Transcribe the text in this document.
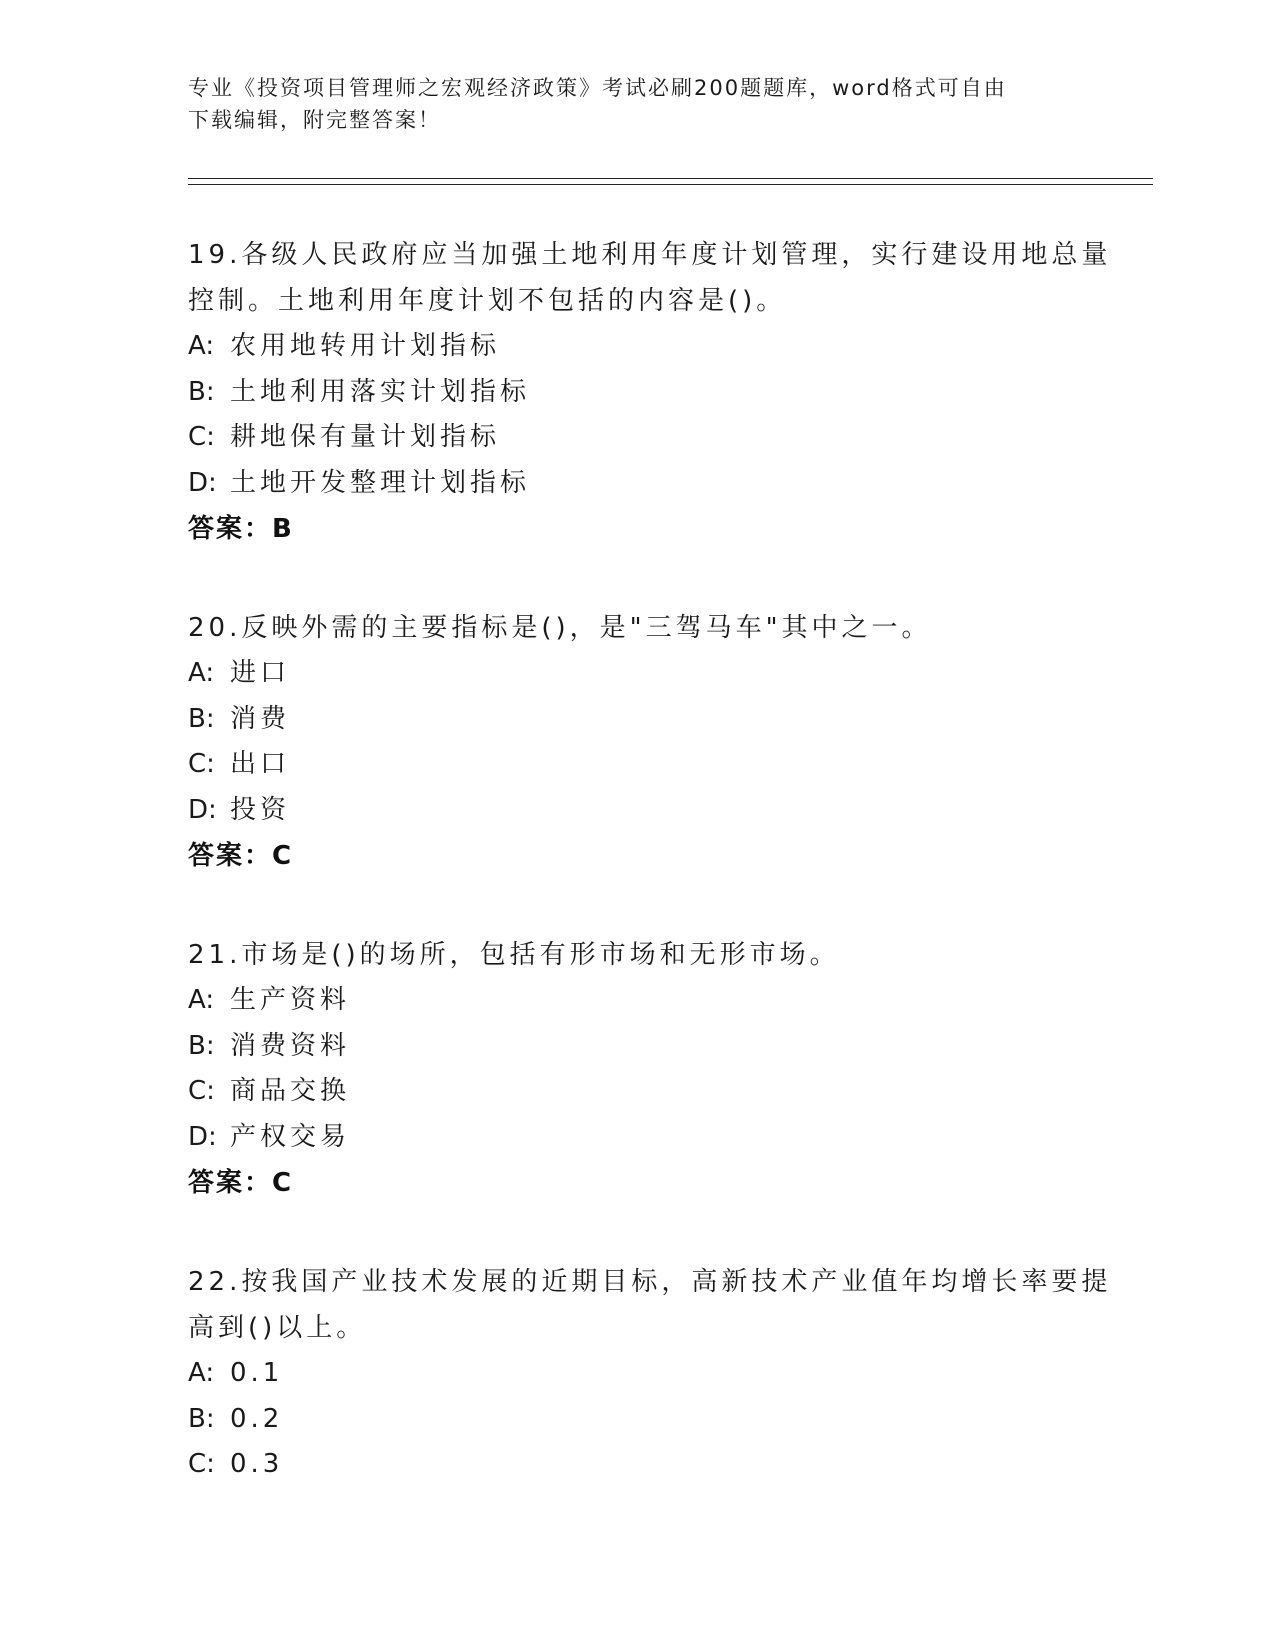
专业《投资项目管理师之宏观经济政策》考试必刷200题题库，word格式可自由
下载编辑，附完整答案！
19.各级人民政府应当加强土地利用年度计划管理，实行建设用地总量
控制。土地利用年度计划不包括的内容是()。
A: 农用地转用计划指标
B: 土地利用落实计划指标
C: 耕地保有量计划指标
D: 土地开发整理计划指标
答案：B
20.反映外需的主要指标是()，是"三驾马车"其中之一。
A: 进口
B: 消费
C: 出口
D: 投资
答案：C
21.市场是()的场所，包括有形市场和无形市场。
A: 生产资料
B: 消费资料
C: 商品交换
D: 产权交易
答案：C
22.按我国产业技术发展的近期目标，高新技术产业值年均增长率要提
高到()以上。
A: 0.1
B: 0.2
C: 0.3
